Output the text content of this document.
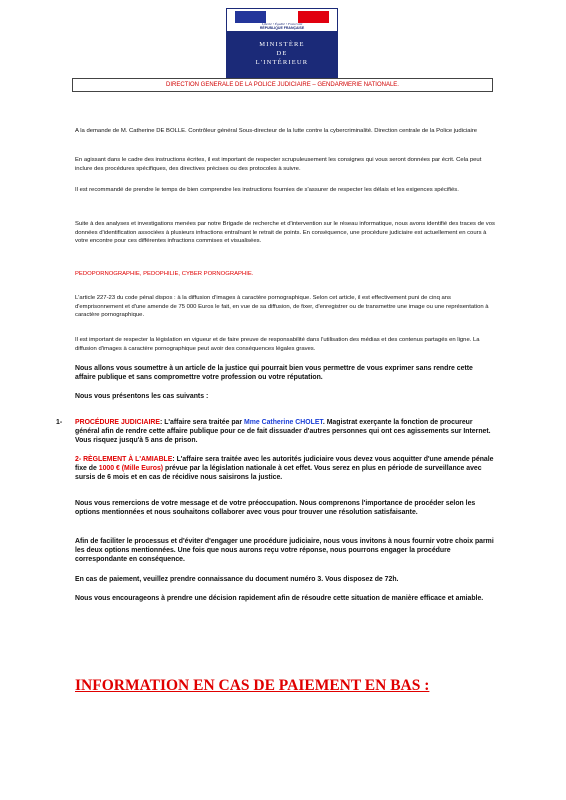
Liberté • Égalité • Fraternité
RÉPUBLIQUE FRANÇAISE
MINISTÈRE
DE
L'INTÉRIEUR
DIRECTION GENERALE DE LA POLICE JUDICIAIRE – GENDARMERIE NATIONALE.
A la demande de M. Catherine DE BOLLE. Contrôleur général Sous-directeur de la lutte contre la cybercriminalité. Direction centrale de la Police judiciaire
En agissant dans le cadre des instructions écrites, il est important de respecter scrupuleusement les consignes qui vous seront données par écrit. Cela peut inclure des procédures spécifiques, des directives précises ou des protocoles à suivre.
Il est recommandé de prendre le temps de bien comprendre les instructions fournies de s'assurer de respecter les délais et les exigences spécifiés.
Suite à des analyses et investigations menées par notre Brigade de recherche et d'intervention sur le réseau informatique, nous avons identifié des traces de vos données d'identification associées à plusieurs infractions entraînant le retrait de points. En conséquence, une procédure judiciaire est actuellement en cours à votre encontre pour ces différentes infractions commises et visualisées.
PEDOPORNOGRAPHIE, PEDOPHILIE, CYBER PORNOGRAPHIE.
L'article 227-23 du code pénal dispos : à la diffusion d'images à caractère pornographique. Selon cet article, il est effectivement puni de cinq ans d'emprisonnement et d'une amende de 75 000 Euros le fait, en vue de sa diffusion, de fixer, d'enregistrer ou de transmettre une image ou une représentation à caractère pornographique.
Il est important de respecter la législation en vigueur et de faire preuve de responsabilité dans l'utilisation des médias et des contenus partagés en ligne. La diffusion d'images à caractère pornographique peut avoir des conséquences légales graves.
Nous allons vous soumettre à un article de la justice qui pourrait bien vous permettre de vous exprimer sans rendre cette affaire publique et sans compromettre votre profession ou votre réputation.
Nous vous présentons les cas suivants :
1- PROCÉDURE JUDICIAIRE: L'affaire sera traitée par Mme Catherine CHOLET. Magistrat exerçante la fonction de procureur général afin de rendre cette affaire publique pour ce de fait dissuader d'autres personnes qui ont ces agissements sur Internet. Vous risquez jusqu'à 5 ans de prison.
2- RÈGLEMENT À L'AMIABLE: L'affaire sera traitée avec les autorités judiciaire vous devez vous acquitter d'une amende pénale fixe de 1000 € (Mille Euros) prévue par la législation nationale à cet effet. Vous serez en plus en période de surveillance avec sursis de 6 mois et en cas de récidive nous saisirons la justice.
Nous vous remercions de votre message et de votre préoccupation. Nous comprenons l'importance de procéder selon les options mentionnées et nous souhaitons collaborer avec vous pour trouver une résolution satisfaisante.
Afin de faciliter le processus et d'éviter d'engager une procédure judiciaire, nous vous invitons à nous fournir votre choix parmi les deux options mentionnées. Une fois que nous aurons reçu votre réponse, nous pourrons engager la procédure correspondante en conséquence.
En cas de paiement, veuillez prendre connaissance du document numéro 3. Vous disposez de 72h.
Nous vous encourageons à prendre une décision rapidement afin de résoudre cette situation de manière efficace et amiable.
INFORMATION EN CAS DE PAIEMENT EN BAS :
